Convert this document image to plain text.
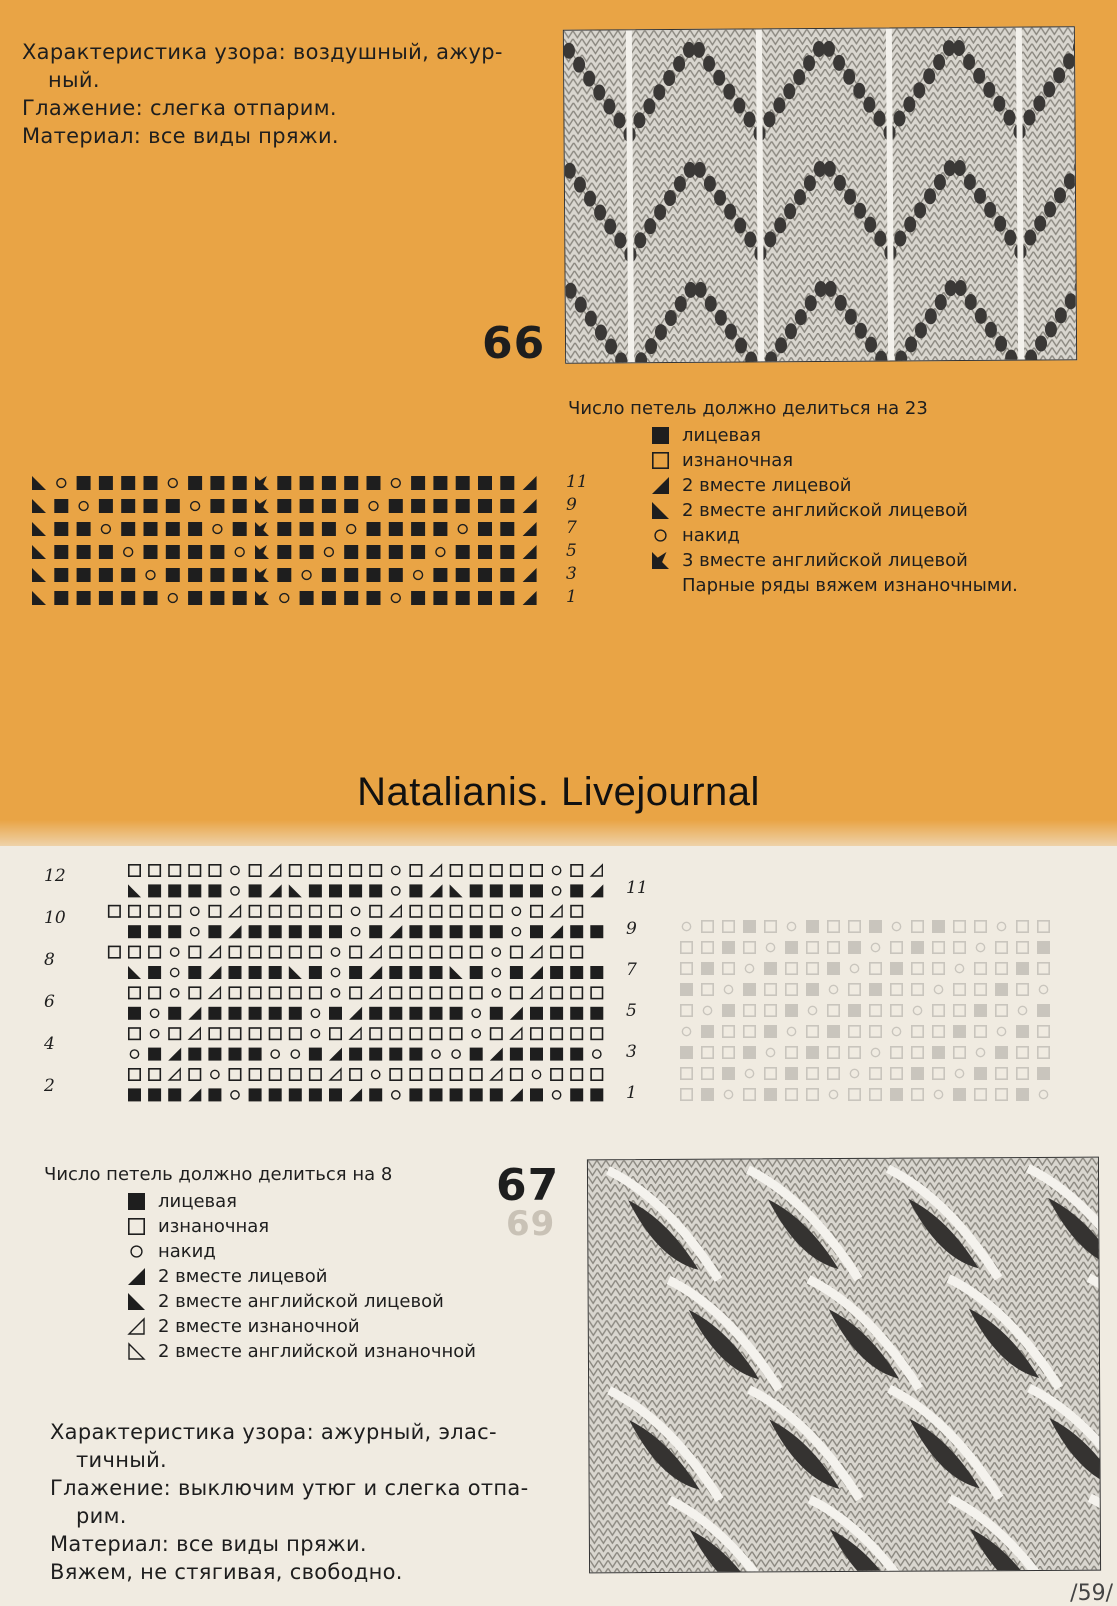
Характеристика узора: воздушный, ажур-
ный.
Глажение: слегка отпарим.
Материал: все виды пряжи.
66
Число петель должно делиться на 23
лицевая
изнаночная
2 вместе лицевой
2 вместе английской лицевой
накид
3 вместе английской лицевой
Парные ряды вяжем изнаночными.
11
9
7
5
3
1
Natalianis. Livejournal
12
10
8
6
4
2
11
9
7
5
3
1
Число петель должно делиться на 8
лицевая
изнаночная
накид
2 вместе лицевой
2 вместе английской лицевой
2 вместе изнаночной
2 вместе английской изнаночной
67
69
Характеристика узора: ажурный, элас-
тичный.
Глажение: выключим утюг и слегка отпа-
рим.
Материал: все виды пряжи.
Вяжем, не стягивая, свободно.
/59/
